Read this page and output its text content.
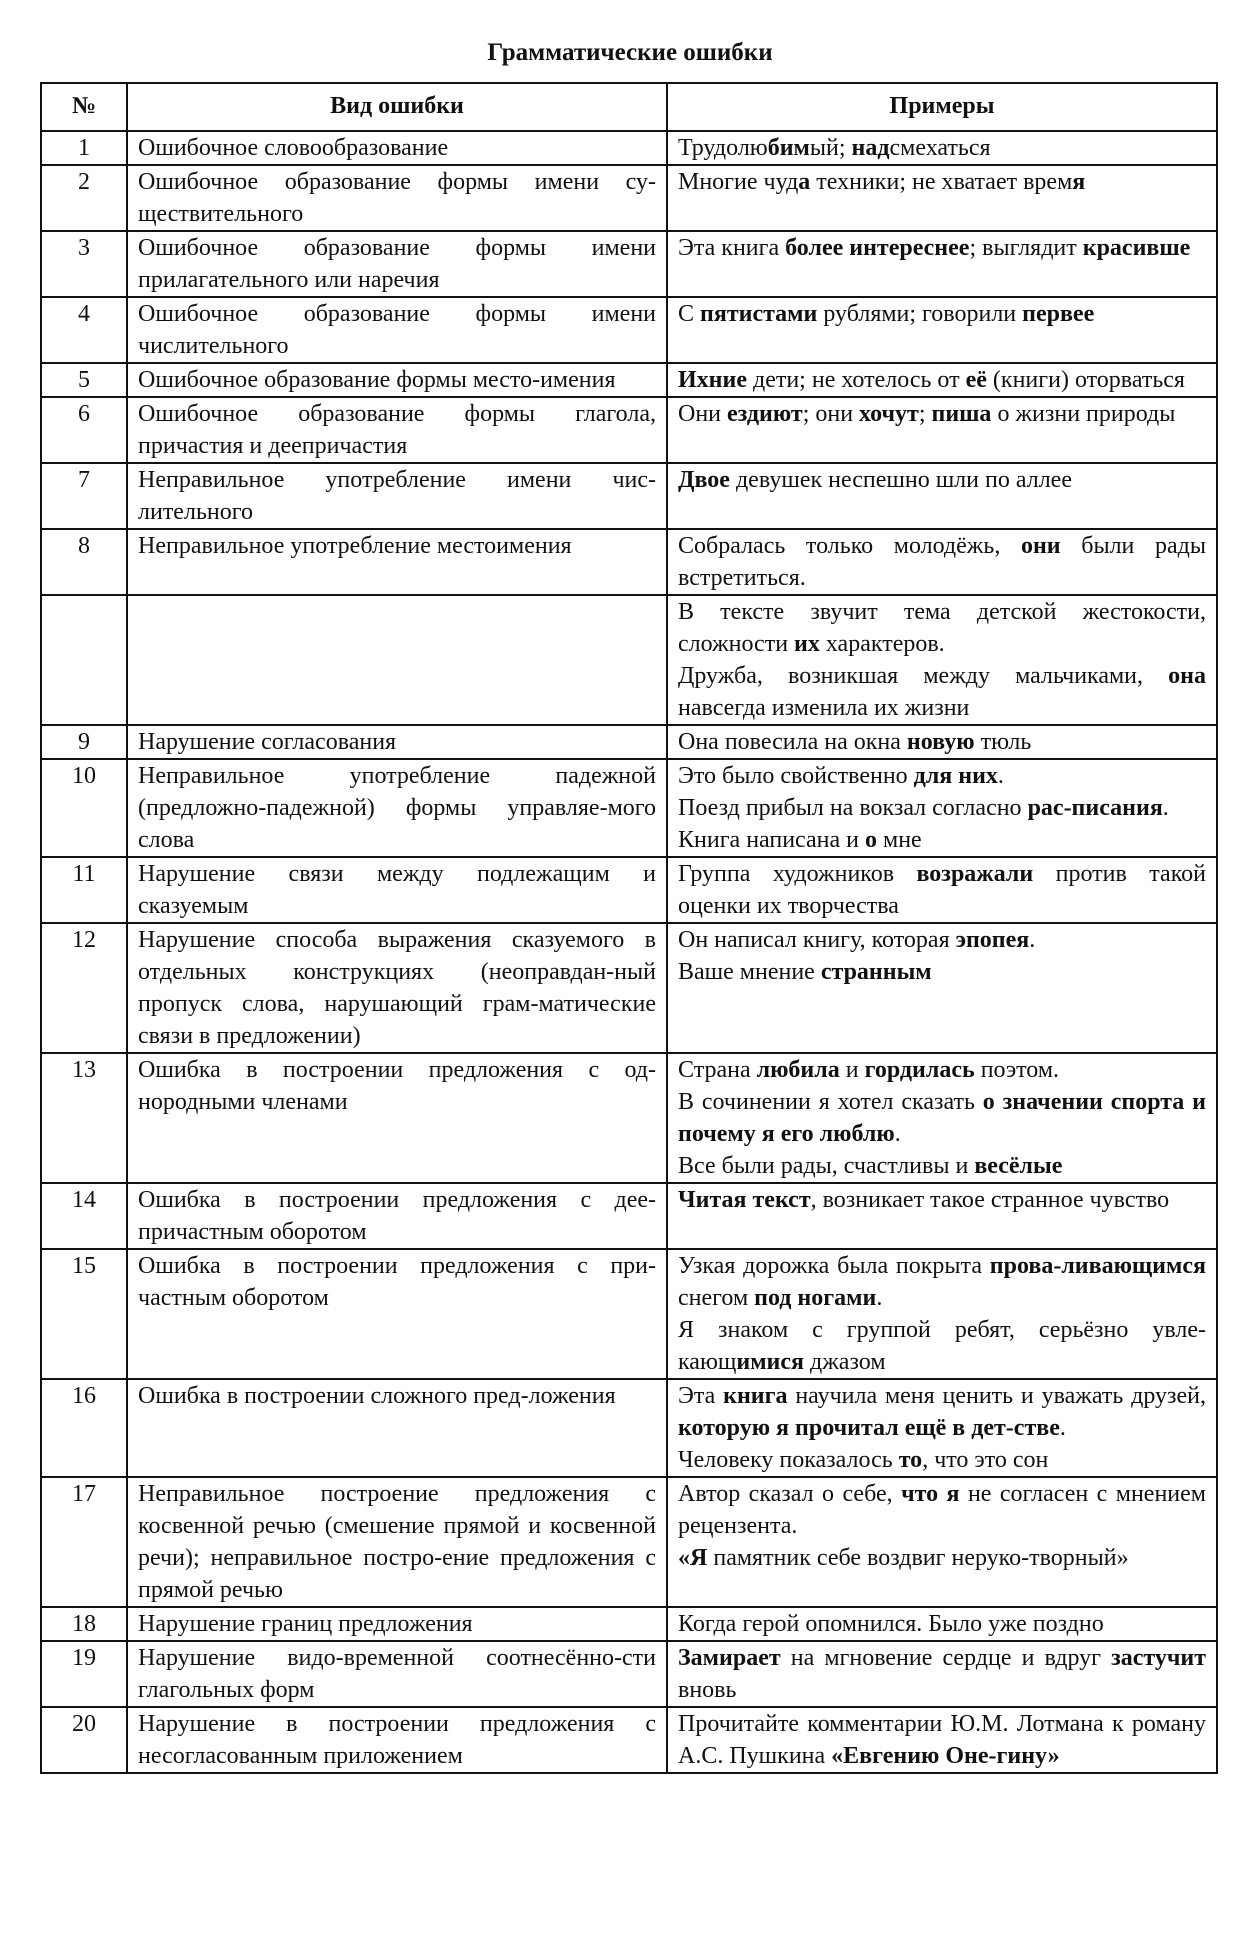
Грамматические ошибки
№	Вид ошибки	Примеры
1	Ошибочное словообразование	Трудолюбимый; надсмехаться

2	Ошибочное образование формы имени су-ществительного	Многие чуда техники; не хватает время

3	Ошибочное образование формы имени прилагательного или наречия	Эта книга более интереснее; выглядит красивше

4	Ошибочное образование формы имени числительного	С пятистами рублями; говорили первее

5	Ошибочное образование формы место-имения	Ихние дети; не хотелось от её (книги) оторваться

6	Ошибочное образование формы глагола, причастия и деепричастия	Они ездиют; они хочут; пиша о жизни природы

7	Неправильное употребление имени чис-лительного	Двое девушек неспешно шли по аллее

8	Неправильное употребление местоимения	Собралась только молодёжь, они были рады встретиться.

		В тексте звучит тема детской жестокости, сложности их характеров.

Дружба, возникшая между мальчиками, она навсегда изменила их жизни

9	Нарушение согласования	Она повесила на окна новую тюль

10	Неправильное употребление падежной (предложно-падежной) формы управляе-мого слова	Это было свойственно для них.

Поезд прибыл на вокзал согласно рас-писания.

Книга написана и о мне

11	Нарушение связи между подлежащим и сказуемым	Группа художников возражали против такой оценки их творчества

12	Нарушение способа выражения сказуемого в отдельных конструкциях (неоправдан-ный пропуск слова, нарушающий грам-матические связи в предложении)	Он написал книгу, которая эпопея.

Ваше мнение странным

13	Ошибка в построении предложения с од-нородными членами	Страна любила и гордилась поэтом.

В сочинении я хотел сказать о значении спорта и почему я его люблю.

Все были рады, счастливы и весёлые

14	Ошибка в построении предложения с дее-причастным оборотом	Читая текст, возникает такое странное чувство

15	Ошибка в построении предложения с при-частным оборотом	Узкая дорожка была покрыта прова-ливающимся снегом под ногами.

Я знаком с группой ребят, серьёзно увле-кающимися джазом

16	Ошибка в построении сложного пред-ложения	Эта книга научила меня ценить и уважать друзей, которую я прочитал ещё в дет-стве.

Человеку показалось то, что это сон

17	Неправильное построение предложения с косвенной речью (смешение прямой и косвенной речи); неправильное постро-ение предложения с прямой речью	Автор сказал о себе, что я не согласен с мнением рецензента.

«Я памятник себе воздвиг неруко-творный»

18	Нарушение границ предложения	Когда герой опомнился. Было уже поздно

19	Нарушение видо-временной соотнесённо-сти глагольных форм	Замирает на мгновение сердце и вдруг застучит вновь

20	Нарушение в построении предложения с несогласованным приложением	Прочитайте комментарии Ю.М. Лотмана к роману А.С. Пушкина «Евгению Оне-гину»
